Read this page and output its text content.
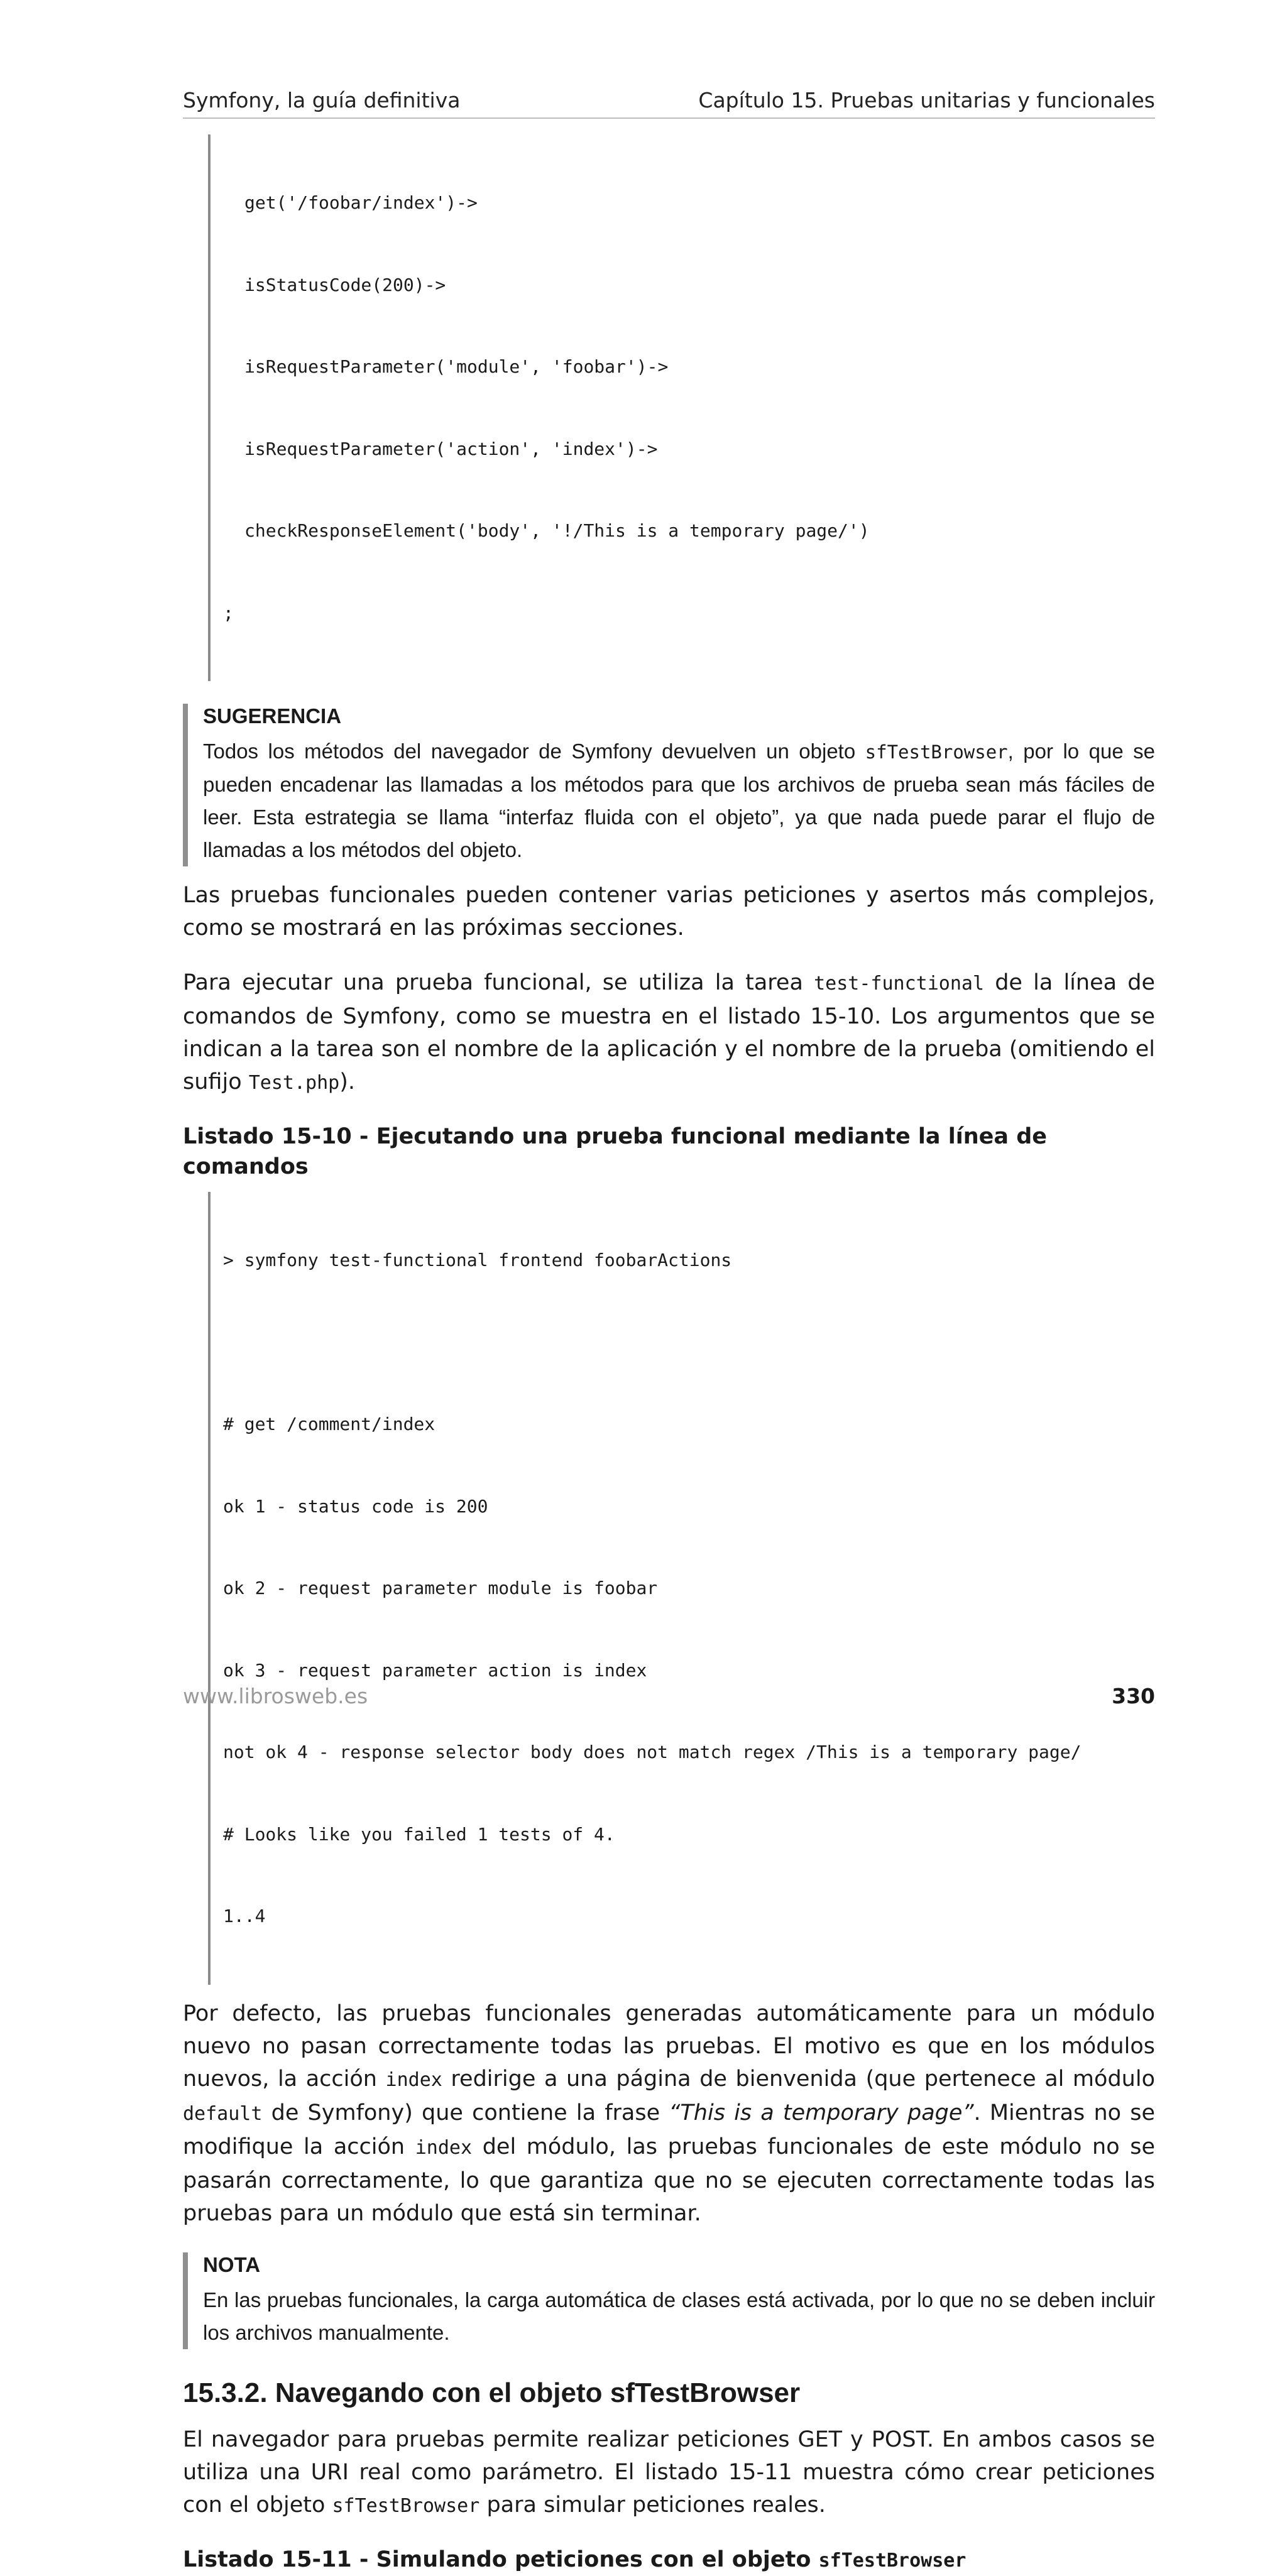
Symfony, la guía definitiva	Capítulo 15. Pruebas unitarias y funcionales

get('/foobar/index')->

isStatusCode(200)->

isRequestParameter('module', 'foobar')->

isRequestParameter('action', 'index')->

checkResponseElement('body', '!/This is a temporary page/')

;

SUGERENCIA
Todos los métodos del navegador de Symfony devuelven un objeto sfTestBrowser, por lo que se pueden encadenar las llamadas a los métodos para que los archivos de prueba sean más fáciles de leer. Esta estrategia se llama “interfaz fluida con el objeto”, ya que nada puede parar el flujo de llamadas a los métodos del objeto.

Las pruebas funcionales pueden contener varias peticiones y asertos más complejos, como se mostrará en las próximas secciones.

Para ejecutar una prueba funcional, se utiliza la tarea test-functional de la línea de comandos de Symfony, como se muestra en el listado 15-10. Los argumentos que se indican a la tarea son el nombre de la aplicación y el nombre de la prueba (omitiendo el sufijo Test.php).

Listado 15-10 - Ejecutando una prueba funcional mediante la línea de comandos

> symfony test-functional frontend foobarActions

# get /comment/index

ok 1 - status code is 200

ok 2 - request parameter module is foobar

ok 3 - request parameter action is index

not ok 4 - response selector body does not match regex /This is a temporary page/

# Looks like you failed 1 tests of 4.

1..4

Por defecto, las pruebas funcionales generadas automáticamente para un módulo nuevo no pasan correctamente todas las pruebas. El motivo es que en los módulos nuevos, la acción index redirige a una página de bienvenida (que pertenece al módulo default de Symfony) que contiene la frase “This is a temporary page”. Mientras no se modifique la acción index del módulo, las pruebas funcionales de este módulo no se pasarán correctamente, lo que garantiza que no se ejecuten correctamente todas las pruebas para un módulo que está sin terminar.

NOTA
En las pruebas funcionales, la carga automática de clases está activada, por lo que no se deben incluir los archivos manualmente.
15.3.2. Navegando con el objeto sfTestBrowser

El navegador para pruebas permite realizar peticiones GET y POST. En ambos casos se utiliza una URI real como parámetro. El listado 15-11 muestra cómo crear peticiones con el objeto sfTestBrowser para simular peticiones reales.

Listado 15-11 - Simulando peticiones con el objeto sfTestBrowser
www.librosweb.es	330
